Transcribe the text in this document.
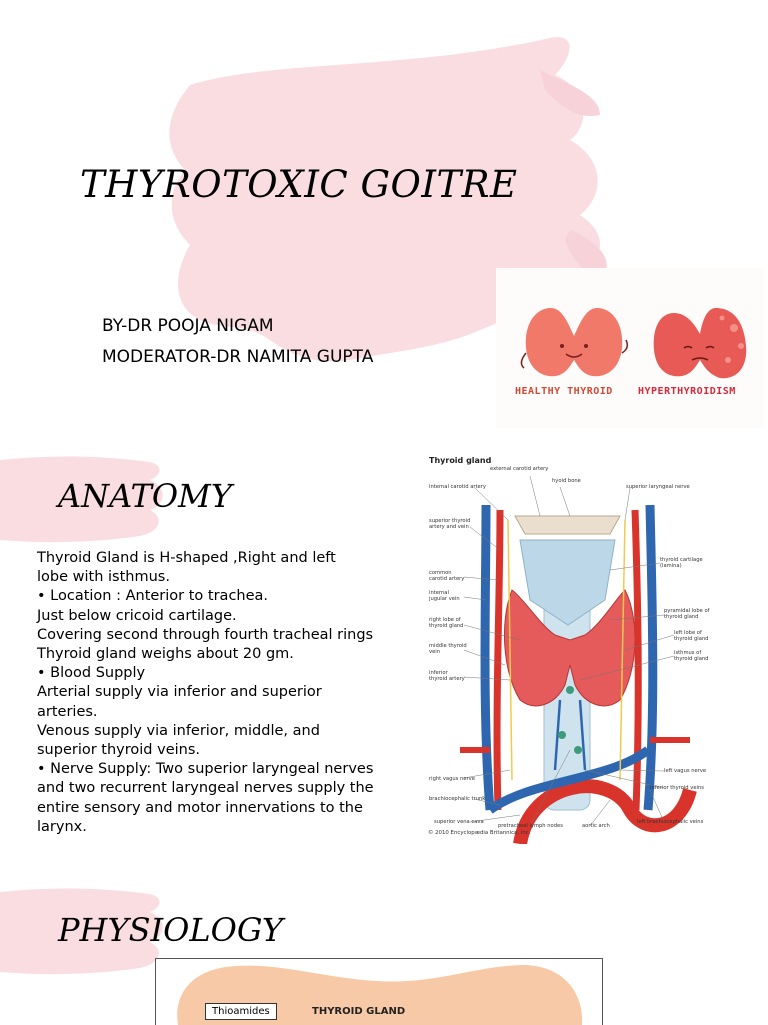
THYROTOXIC GOITRE
BY-DR POOJA NIGAM
MODERATOR-DR NAMITA GUPTA
HEALTHY THYROID	HYPERTHYROIDISM
ANATOMY
Thyroid Gland is H-shaped ,Right and left
lobe with isthmus.
• Location : Anterior to trachea.
Just below cricoid cartilage.
Covering second through fourth tracheal rings
Thyroid gland weighs about 20 gm.
• Blood Supply
Arterial supply via inferior and superior
arteries.
Venous supply via inferior, middle, and
superior thyroid veins.
• Nerve Supply: Two superior laryngeal nerves
and two recurrent laryngeal nerves supply the
entire sensory and motor innervations to the
larynx.
Thyroid gland
external carotid artery
hyoid bone
internal carotid artery	superior laryngeal nerve
superior thyroid artery and vein
thyroid cartilage (lamina)
common carotid artery
internal jugular vein
pyramidal lobe of thyroid gland
right lobe of thyroid gland
left lobe of thyroid gland
middle thyroid vein	isthmus of thyroid gland
inferior thyroid artery
right vagus nerve
left vagus nerve
brachiocephalic trunk
inferior thyroid veins
superior vena cava
pretracheal lymph nodes	aortic arch
left brachiocephalic veins
© 2010 Encyclopædia Britannica, Inc.
PHYSIOLOGY
Thioamides	THYROID GLAND
